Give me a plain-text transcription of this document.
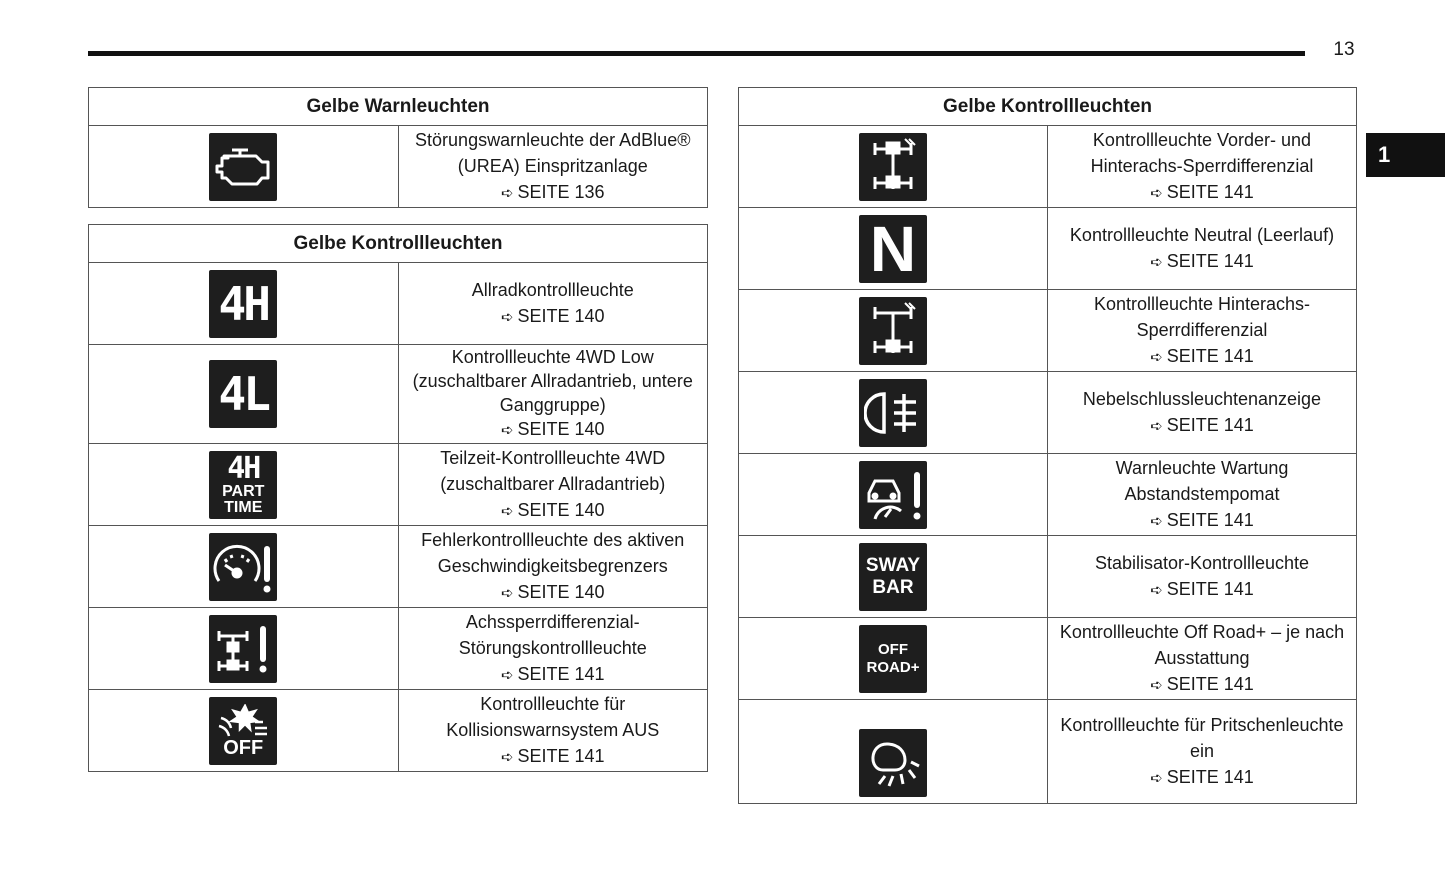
13
1
Gelbe Warnleuchten

Störungswarnleuchte der AdBlue® (UREA) Einspritzanlage
➪ SEITE 136
Gelbe Kontrollleuchten	

4H	Allradkontrollleuchte
➪ SEITE 140

4L	Kontrollleuchte 4WD Low (zuschaltbarer Allradantrieb, untere
Ganggruppe)
➪ SEITE 140

4H
PART
TIME	Teilzeit-Kontrollleuchte 4WD (zuschaltbarer Allradantrieb)
➪ SEITE 140

Fehlerkontrollleuchte des aktiven Geschwindigkeitsbegrenzers
➪ SEITE 140

Achssperrdifferenzial-Störungskontrollleuchte
➪ SEITE 141

OFF	Kontrollleuchte für Kollisionswarnsystem AUS
➪ SEITE 141
Gelbe Kontrollleuchten	

Kontrollleuchte Vorder- und Hinterachs-Sperrdifferenzial
➪ SEITE 141

N	Kontrollleuchte Neutral (Leerlauf)
➪ SEITE 141

Kontrollleuchte Hinterachs-Sperrdifferenzial
➪ SEITE 141

Nebelschlussleuchtenanzeige
➪ SEITE 141

Warnleuchte Wartung Abstandstempomat
➪ SEITE 141

SWAY
BAR	Stabilisator-Kontrollleuchte
➪ SEITE 141

OFF
ROAD+	Kontrollleuchte Off Road+ – je nach Ausstattung
➪ SEITE 141

Kontrollleuchte für Pritschenleuchte ein
➪ SEITE 141
